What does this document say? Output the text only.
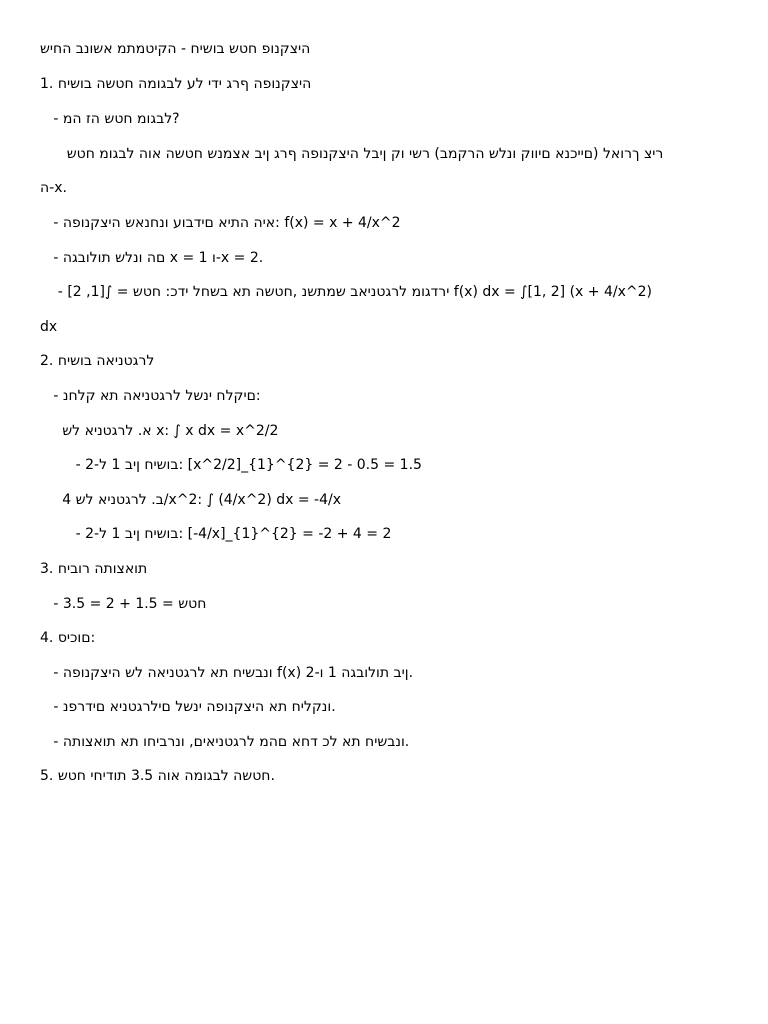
היצקנופ חטש בושיח - הקיטמתמ אשונב החיש
1. היצקנופה ףרג ידי לע לבגומה חטשה בושיח
- לבגומ חטש הז המ?
ריצ ךרואל (םייכנא םיווק ונלש הרקמב) רשי וק ןיבל היצקנופה ףרג ןיב אצמנש חטשה אוה לבגומ חטש
ה-x.
- איה התיא םידבוע ונחנאש היצקנופה: f(x) = x + 4/x^2
- םה ונלש תולובגה x = 1 ו-x = 2.
- ירדגומ לרגטניאב שמתשנ ,חטשה תא בשחל ידכ: חטש = ∫[1, 2] f(x) dx = ∫[1, 2] (x + 4/x^2)
dx
2. לרגטניאה בושיח
- םיקלח ינשל לרגטניאה תא קלחנ:
א. לרגטניא לש x: ∫ x dx = x^2/2
- בושיח ןיב 1 ל-2: [x^2/2]_{1}^{2} = 2 - 0.5 = 1.5
ב. לרגטניא לש 4/x^2: ∫ (4/x^2) dx = -4/x
- בושיח ןיב 1 ל-2: [-4/x]_{1}^{2} = -2 + 4 = 2
3. תואצותה רוביח
- חטש = 1.5 + 2 = 3.5
4. םוכיס:
- ונבשיח תא לרגטניאה לש היצקנופה f(x) ןיב תולובגה 1 ו-2.
- ונקליח תא היצקנופה ינשל םילרגטניא םידרפנ.
- ונבשיח תא לכ דחא םהמ לרגטניאים, ונרביחו תא תואצותה.
5. חטשה לבגומה אוה 3.5 תודיחי חטש.
